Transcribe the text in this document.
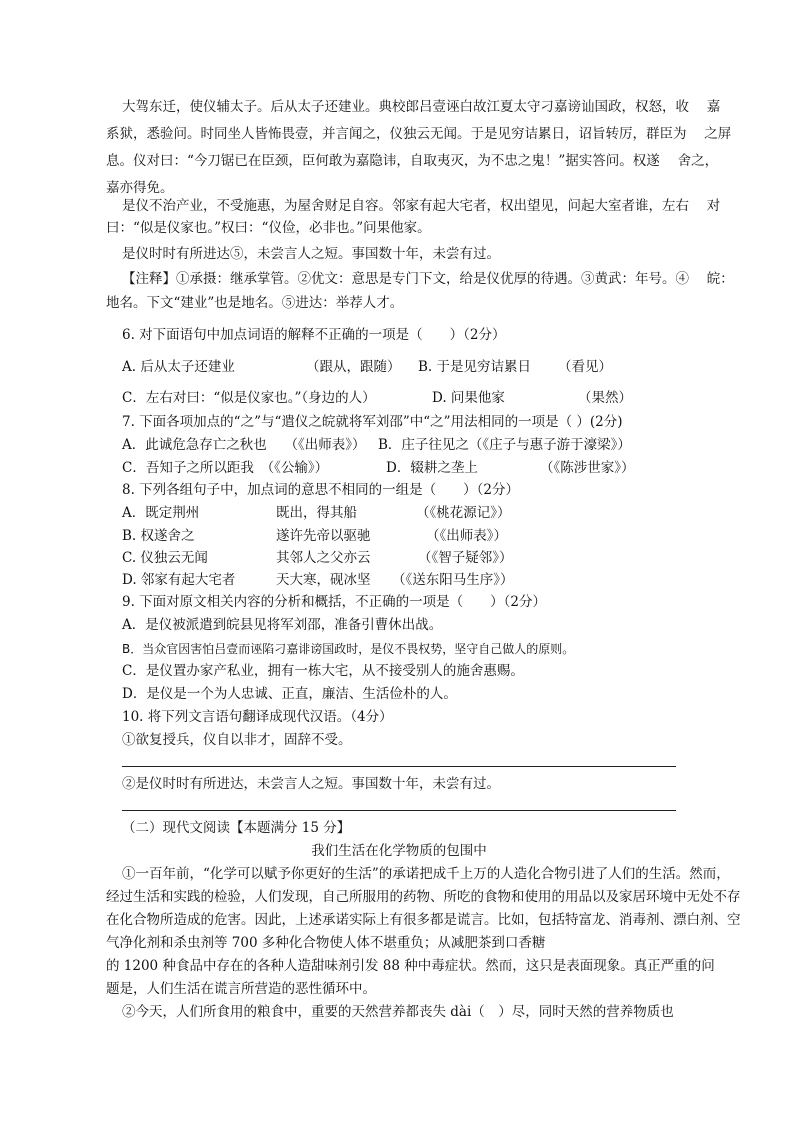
大驾东迁，使仪辅太子。后从太子还建业。典校郎吕壹诬白故江夏太守刁嘉谤讪国政，权怒，收　 嘉
系狱，悉验问。时同坐人皆怖畏壹，并言闻之，仪独云无闻。于是见穷诘累日，诏旨转厉，群臣为　 之屏
息。仪对曰：“今刀锯已在臣颈，臣何敢为嘉隐讳，自取夷灭，为不忠之鬼！”据实答问。权遂　 舍之，
嘉亦得免。
是仪不治产业，不受施惠，为屋舍财足自容。邻家有起大宅者，权出望见，问起大室者谁，左右　 对
曰：“似是仪家也。”权曰：“仪俭，必非也。”问果他家。
是仪时时有所进达⑤，未尝言人之短。事国数十年，未尝有过。
【注释】①承摄：继承掌管。②优文：意思是专门下文，给是仪优厚的待遇。③黄武：年号。④　 皖：
地名。下文“建业”也是地名。⑤进达：举荐人才。
6. 对下面语句中加点词语的解释不正确的一项是（　　）（2分）
A. 后从太子还建业	（跟从，跟随） B. 于是见穷诘累日 （看见）
C．左右对曰：“似是仪家也。”（身边的人）	D. 问果他家	（果然）
7. 下面各项加点的“之”与“遣仪之皖就将军刘邵”中“之”用法相同的一项是（ ）(2分)
A．此诚危急存亡之秋也　 （《出师表》） B．庄子往见之（《庄子与惠子游于濠梁》）
C．吾知子之所以距我　（《公输》）	D．辍耕之垄上	（《陈涉世家》）
8. 下列各组句子中，加点词的意思不相同的一组是（　　）（2分）
A．既定荆州	既出，得其船	（《桃花源记》）
B. 权遂舍之	遂许先帝以驱驰	（《出师表》）
C. 仪独云无闻	其邻人之父亦云	（《智子疑邻》）
D. 邻家有起大宅者	天大寒，砚冰坚 （《送东阳马生序》）
9. 下面对原文相关内容的分析和概括，不正确的一项是（　　）（2分）
A．是仪被派遣到皖县见将军刘邵，准备引曹休出战。
B．当众官因害怕吕壹而诬陷刁嘉诽谤国政时，是仪不畏权势，坚守自己做人的原则。
C．是仪置办家产私业，拥有一栋大宅，从不接受别人的施舍惠赐。
D．是仪是一个为人忠诚、正直，廉洁、生活俭朴的人。
10. 将下列文言语句翻译成现代汉语。（4分）
①欲复授兵，仪自以非才，固辞不受。
②是仪时时有所进达，未尝言人之短。事国数十年，未尝有过。
（二）现代文阅读【本题满分 15 分】
我们生活在化学物质的包围中
①一百年前，“化学可以赋予你更好的生活”的承诺把成千上万的人造化合物引进了人们的生活。然而，
经过生活和实践的检验，人们发现，自己所服用的药物、所吃的食物和使用的用品以及家居环境中无处不存
在化合物所造成的危害。因此，上述承诺实际上有很多都是谎言。比如，包括特富龙、消毒剂、漂白剂、空
气净化剂和杀虫剂等 700 多种化合物使人体不堪重负；从减肥茶到口香糖
的 1200 种食品中存在的各种人造甜味剂引发 88 种中毒症状。然而，这只是表面现象。真正严重的问
题是，人们生活在谎言所营造的恶性循环中。
②今天，人们所食用的粮食中，重要的天然营养都丧失 dài（　）尽，同时天然的营养物质也
